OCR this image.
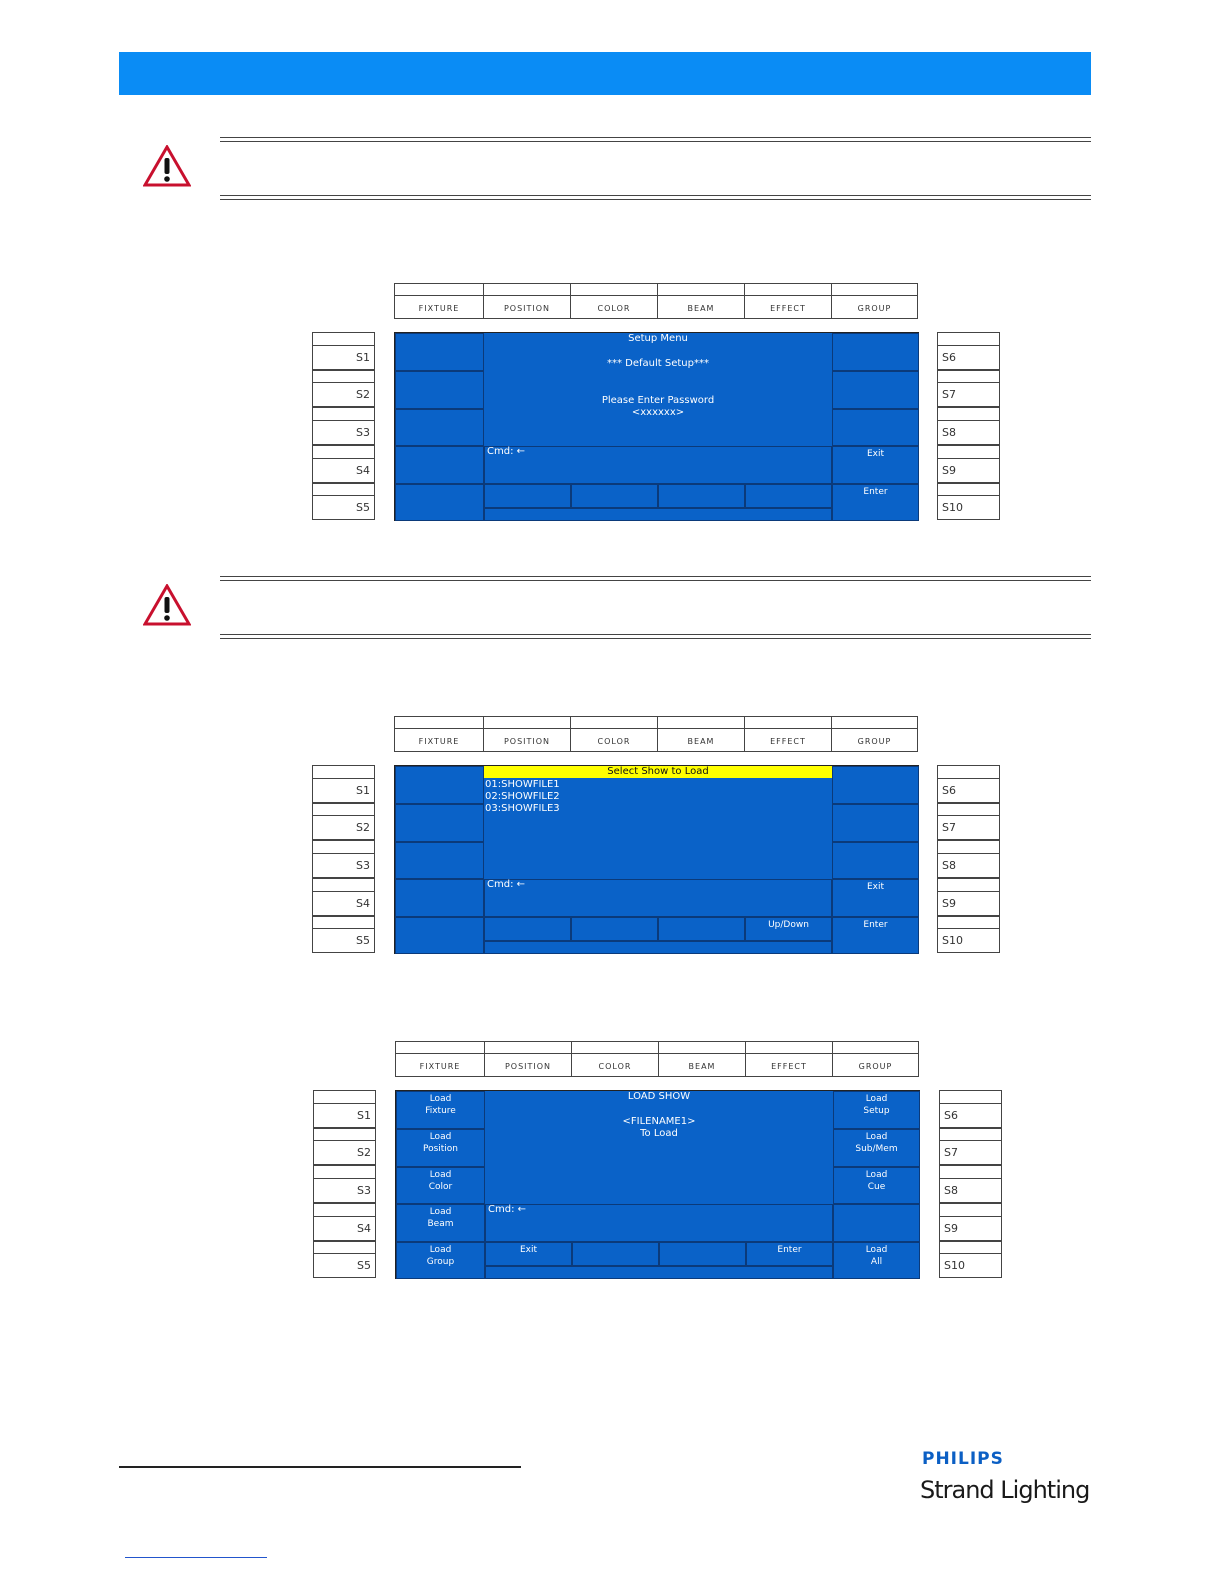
FIXTURE	POSITION	COLOR	BEAM	EFFECT	GROUP
S1
S2
S3
S4
S5
S6
S7
S8
S9
S10
Exit
Enter
Setup Menu
*** Default Setup***
Please Enter Password
<xxxxxx>
Cmd: ←
FIXTURE	POSITION	COLOR	BEAM	EFFECT	GROUP
S1
S2
S3
S4
S5
S6
S7
S8
S9
S10
Exit
Enter
Select Show to Load
01:SHOWFILE1
02:SHOWFILE2
03:SHOWFILE3
Cmd: ←
Up/Down
FIXTURE	POSITION	COLOR	BEAM	EFFECT	GROUP
S1
S2
S3
S4
S5
S6
S7
S8
S9
S10
Load
Fixture
Load
Position
Load
Color
Load
Beam
Load
Group
Load
Setup
Load
Sub/Mem
Load
Cue
Load
All
LOAD SHOW
<FILENAME1>
To Load
Cmd: ←
Exit	Enter
PHILIPS
Strand Lighting
